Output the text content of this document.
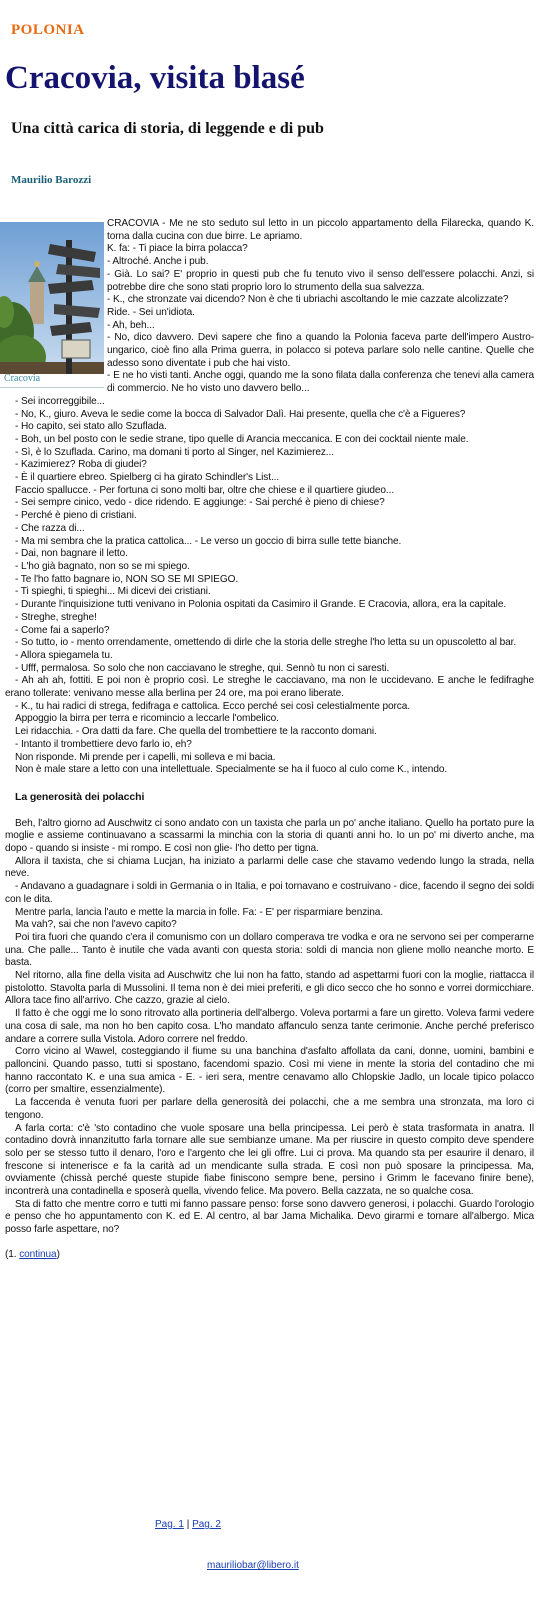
POLONIA
Cracovia, visita blasé
Una città carica di storia, di leggende e di pub
Maurilio Barozzi
Cracovia
CRACOVIA - Me ne sto seduto sul letto in un piccolo appartamento della Filarecka, quando K. torna dalla cucina con due birre. Le apriamo.
K. fa: - Ti piace la birra polacca?
- Altroché. Anche i pub.
- Già. Lo sai? E' proprio in questi pub che fu tenuto vivo il senso dell'essere polacchi. Anzi, si potrebbe dire che sono stati proprio loro lo strumento della sua salvezza.
- K., che stronzate vai dicendo? Non è che ti ubriachi ascoltando le mie cazzate alcolizzate?
Ride. - Sei un'idiota.
- Ah, beh...
- No, dico davvero. Devi sapere che fino a quando la Polonia faceva parte dell'impero Austro-ungarico, cioè fino alla Prima guerra, in polacco si poteva parlare solo nelle cantine. Quelle che adesso sono diventate i pub che hai visto.
- E ne ho visti tanti. Anche oggi, quando me la sono filata dalla conferenza che tenevi alla camera di commercio. Ne ho visto uno davvero bello...
- Sei incorreggibile...
- No, K., giuro. Aveva le sedie come la bocca di Salvador Dalì. Hai presente, quella che c'è a Figueres?
- Ho capito, sei stato allo Szuflada.
- Boh, un bel posto con le sedie strane, tipo quelle di Arancia meccanica. E con dei cocktail niente male.
- Sì, è lo Szuflada. Carino, ma domani ti porto al Singer, nel Kazimierez...
- Kazimierez? Roba di giudei?
- È il quartiere ebreo. Spielberg ci ha girato Schindler's List...
Faccio spallucce. - Per fortuna ci sono molti bar, oltre che chiese e il quartiere giudeo...
- Sei sempre cinico, vedo - dice ridendo. E aggiunge: - Sai perché è pieno di chiese?
- Perché è pieno di cristiani.
- Che razza di...
- Ma mi sembra che la pratica cattolica... - Le verso un goccio di birra sulle tette bianche.
- Dai, non bagnare il letto.
- L'ho già bagnato, non so se mi spiego.
- Te l'ho fatto bagnare io, NON SO SE MI SPIEGO.
- Ti spieghi, ti spieghi... Mi dicevi dei cristiani.
- Durante l'inquisizione tutti venivano in Polonia ospitati da Casimiro il Grande. E Cracovia, allora, era la capitale.
- Streghe, streghe!
- Come fai a saperlo?
- So tutto, io - mento orrendamente, omettendo di dirle che la storia delle streghe l'ho letta su un opuscoletto al bar.
- Allora spiegamela tu.
- Ufff, permalosa. So solo che non cacciavano le streghe, qui. Sennò tu non ci saresti.
- Ah ah ah, fottiti. E poi non è proprio così. Le streghe le cacciavano, ma non le uccidevano. E anche le fedifraghe erano tollerate: venivano messe alla berlina per 24 ore, ma poi erano liberate.
- K., tu hai radici di strega, fedifraga e cattolica. Ecco perché sei così celestialmente porca.
Appoggio la birra per terra e ricomincio a leccarle l'ombelico.
Lei ridacchia. - Ora datti da fare. Che quella del trombettiere te la racconto domani.
- Intanto il trombettiere devo farlo io, eh?
Non risponde. Mi prende per i capelli, mi solleva e mi bacia.
Non è male stare a letto con una intellettuale. Specialmente se ha il fuoco al culo come K., intendo.
La generosità dei polacchi
Beh, l'altro giorno ad Auschwitz ci sono andato con un taxista che parla un po' anche italiano. Quello ha portato pure la moglie e assieme continuavano a scassarmi la minchia con la storia di quanti anni ho. Io un po' mi diverto anche, ma dopo - quando si insiste - mi rompo. E così non glie- l'ho detto per tigna.
Allora il taxista, che si chiama Lucjan, ha iniziato a parlarmi delle case che stavamo vedendo lungo la strada, nella neve.
- Andavano a guadagnare i soldi in Germania o in Italia, e poi tornavano e costruivano - dice, facendo il segno dei soldi con le dita.
Mentre parla, lancia l'auto e mette la marcia in folle. Fa: - E' per risparmiare benzina.
Ma vah?, sai che non l'avevo capito?
Poi tira fuori che quando c'era il comunismo con un dollaro comperava tre vodka e ora ne servono sei per comperarne una. Che palle... Tanto è inutile che vada avanti con questa storia: soldi di mancia non gliene mollo neanche morto. E basta.
Nel ritorno, alla fine della visita ad Auschwitz che lui non ha fatto, stando ad aspettarmi fuori con la moglie, riattacca il pistolotto. Stavolta parla di Mussolini. Il tema non è dei miei preferiti, e gli dico secco che ho sonno e vorrei dormicchiare. Allora tace fino all'arrivo. Che cazzo, grazie al cielo.
Il fatto è che oggi me lo sono ritrovato alla portineria dell'albergo. Voleva portarmi a fare un giretto. Voleva farmi vedere una cosa di sale, ma non ho ben capito cosa. L'ho mandato affanculo senza tante cerimonie. Anche perché preferisco andare a correre sulla Vistola. Adoro correre nel freddo.
Corro vicino al Wawel, costeggiando il fiume su una banchina d'asfalto affollata da cani, donne, uomini, bambini e palloncini. Quando passo, tutti si spostano, facendomi spazio. Così mi viene in mente la storia del contadino che mi hanno raccontato K. e una sua amica - E. - ieri sera, mentre cenavamo allo Chlopskie Jadlo, un locale tipico polacco (corro per smaltire, essenzialmente).
La faccenda è venuta fuori per parlare della generosità dei polacchi, che a me sembra una stronzata, ma loro ci tengono.
A farla corta: c'è 'sto contadino che vuole sposare una bella principessa. Lei però è stata trasformata in anatra. Il contadino dovrà innanzitutto farla tornare alle sue sembianze umane. Ma per riuscire in questo compito deve spendere solo per se stesso tutto il denaro, l'oro e l'argento che lei gli offre. Lui ci prova. Ma quando sta per esaurire il denaro, il frescone si intenerisce e fa la carità ad un mendicante sulla strada. E così non può sposare la principessa. Ma, ovviamente (chissà perché queste stupide fiabe finiscono sempre bene, persino i Grimm le facevano finire bene), incontrerà una contadinella e sposerà quella, vivendo felice. Ma povero. Bella cazzata, ne so qualche cosa.
Sta di fatto che mentre corro e tutti mi fanno passare penso: forse sono davvero generosi, i polacchi. Guardo l'orologio e penso che ho appuntamento con K. ed E. Al centro, al bar Jama Michalika. Devo girarmi e tornare all'albergo. Mica posso farle aspettare, no?
(1. continua)
Pag. 1 | Pag. 2
mauriliobar@libero.it
